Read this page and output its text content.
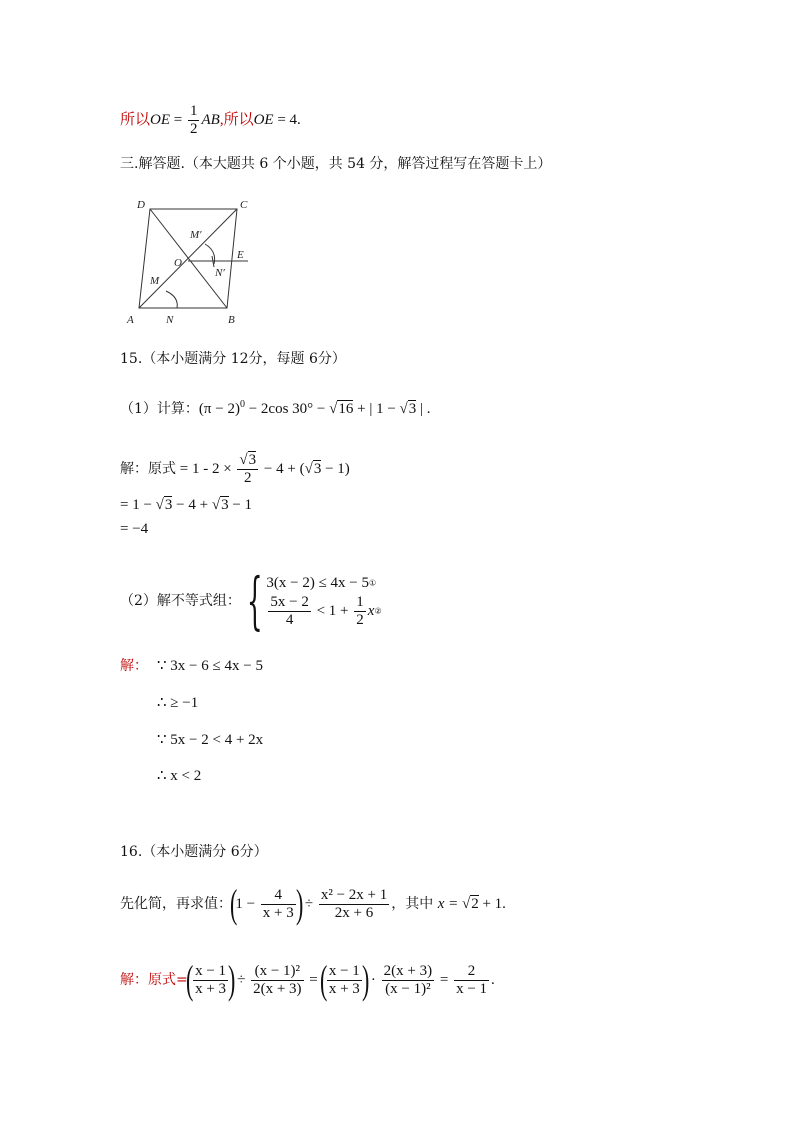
所以OE = $\frac{1}{2}$ AB,所以OE = 4.
三.解答题.（本大题共 6 个小题，共 54 分，解答过程写在答题卡上）
D	C
M′
O
E
N′
M
A	N	B
15.（本小题满分 12分，每题 6分）
（1）计算：$(\pi - 2)^0 - 2\cos$ 30° − √16 + | 1 − √3 | .
解：原式 = $1 - 2 \times \frac{√3}{2} - 4 + (√3 - 1)$
= 1 − √3 − 4 + √3 − 1
= −4
（2）解不等式组：{ 3(x − 2) ≤ 4x − 5①
$\frac{5x - 2}{4} < 1 + \frac{1}{2}$ x②
解： ∵ 3x − 6 ≤ 4x − 5
∴ ≥ −1
∵ 5x − 2 < 4 + 2x
∴ x < 2
16.（本小题满分 6分）
先化简，再求值：($1 - \frac{4}{x + 3}$ ) ÷ $\frac{\text{x² − 2x + 1}}{2x + 6}$ ，其中 x = √2 + 1.
解：原式=( $\frac{x - 1}{x + 3}$ ) ÷ $\frac{\text{(x − 1)²}}{2(x + 3)}$ = ( $\frac{x - 1}{x + 3}$ ) · $\frac{2(x + 3)}{\text{(x − 1)²}} = \frac{2}{x - 1}$ .
